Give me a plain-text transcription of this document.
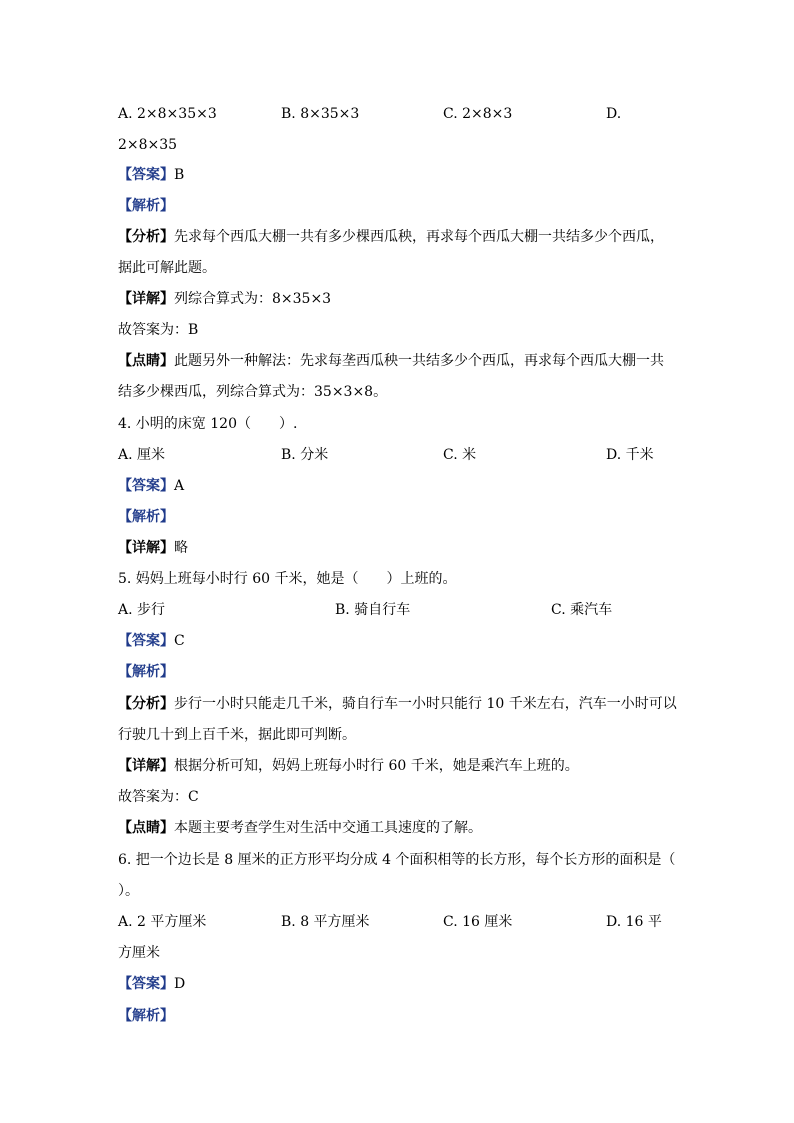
A. 2×8×35×3	B. 8×35×3	C. 2×8×3	D.
2×8×35
【答案】B
【解析】
【分析】先求每个西瓜大棚一共有多少棵西瓜秧，再求每个西瓜大棚一共结多少个西瓜，
据此可解此题。
【详解】列综合算式为：8×35×3
故答案为：B
【点睛】此题另外一种解法：先求每垄西瓜秧一共结多少个西瓜，再求每个西瓜大棚一共
结多少棵西瓜，列综合算式为：35×3×8。
4. 小明的床宽 120（　　）.
A. 厘米	B. 分米	C. 米	D. 千米
【答案】A
【解析】
【详解】略
5. 妈妈上班每小时行 60 千米，她是（　　）上班的。
A. 步行	B. 骑自行车	C. 乘汽车
【答案】C
【解析】
【分析】步行一小时只能走几千米，骑自行车一小时只能行 10 千米左右，汽车一小时可以
行驶几十到上百千米，据此即可判断。
【详解】根据分析可知，妈妈上班每小时行 60 千米，她是乘汽车上班的。
故答案为：C
【点睛】本题主要考查学生对生活中交通工具速度的了解。
6. 把一个边长是 8 厘米的正方形平均分成 4 个面积相等的长方形，每个长方形的面积是（
）。
A. 2 平方厘米	B. 8 平方厘米	C. 16 厘米	D. 16 平
方厘米
【答案】D
【解析】
